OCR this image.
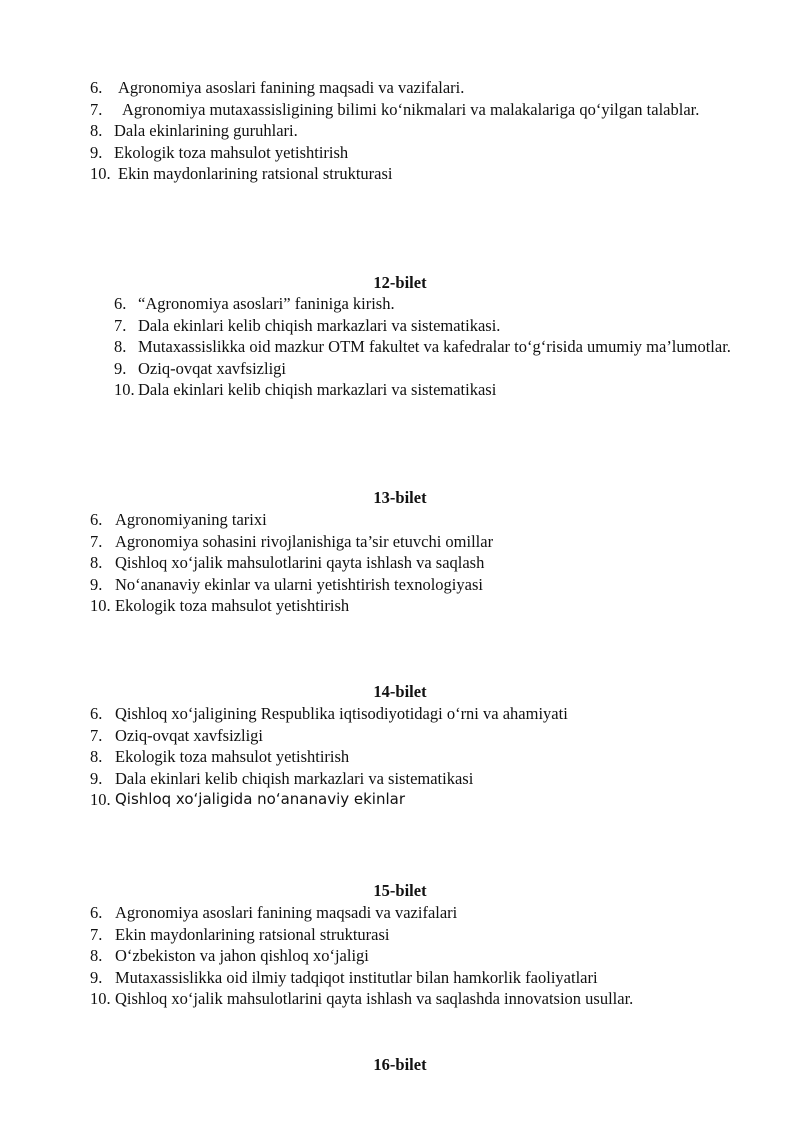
6. Agronomiya asoslari fanining maqsadi va vazifalari.
7.	Agronomiya mutaxassisligining bilimi ko‘nikmalari va malakalariga qo‘yilgan talablar.
8. Dala ekinlarining guruhlari.
9. Ekologik toza mahsulot yetishtirish
10. Ekin maydonlarining ratsional strukturasi
12-bilet
6. “Agronomiya asoslari” faniniga kirish.
7. Dala ekinlari kelib chiqish markazlari va sistematikasi.
8. Mutaxassislikka oid mazkur OTM fakultet va kafedralar to‘g‘risida umumiy ma’lumotlar.
9. Oziq-ovqat xavfsizligi
10. Dala ekinlari kelib chiqish markazlari va sistematikasi
13-bilet
6. Agronomiyaning tarixi
7. Agronomiya sohasini rivojlanishiga ta’sir etuvchi omillar
8. Qishloq xo‘jalik mahsulotlarini qayta ishlash va saqlash
9. No‘ananaviy ekinlar va ularni yetishtirish texnologiyasi
10. Ekologik toza mahsulot yetishtirish
14-bilet
6. Qishloq xo‘jaligining Respublika iqtisodiyotidagi o‘rni va ahamiyati
7. Oziq-ovqat xavfsizligi
8. Ekologik toza mahsulot yetishtirish
9. Dala ekinlari kelib chiqish markazlari va sistematikasi
10. Qishloq xo‘jaligida no‘ananaviy ekinlar
15-bilet
6. Agronomiya asoslari fanining maqsadi va vazifalari
7. Ekin maydonlarining ratsional strukturasi
8. O‘zbekiston va jahon qishloq xo‘jaligi
9. Mutaxassislikka oid ilmiy tadqiqot institutlar bilan hamkorlik faoliyatlari
10. Qishloq xo‘jalik mahsulotlarini qayta ishlash va saqlashda innovatsion usullar.
16-bilet
